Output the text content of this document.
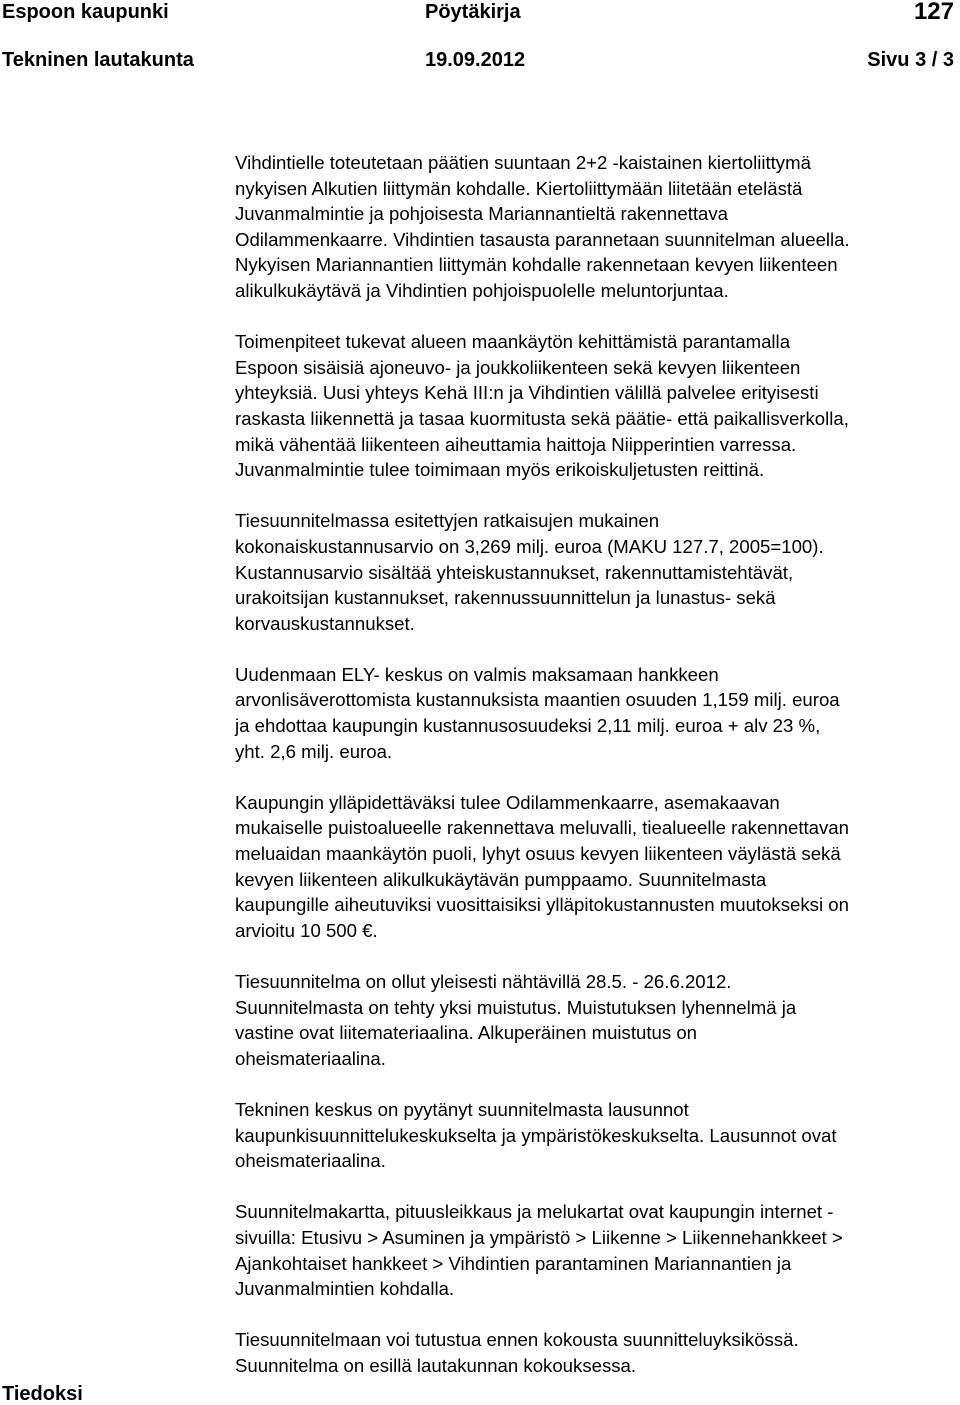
Espoon kaupunki	Pöytäkirja	127
Tekninen lautakunta	19.09.2012	Sivu 3 / 3

Vihdintielle toteutetaan päätien suuntaan 2+2 -kaistainen kiertoliittymä
nykyisen Alkutien liittymän kohdalle. Kiertoliittymään liitetään etelästä
Juvanmalmintie ja pohjoisesta Mariannantieltä rakennettava
Odilammenkaarre. Vihdintien tasausta parannetaan suunnitelman alueella.
Nykyisen Mariannantien liittymän kohdalle rakennetaan kevyen liikenteen
alikulkukäytävä ja Vihdintien pohjoispuolelle meluntorjuntaa.

Toimenpiteet tukevat alueen maankäytön kehittämistä parantamalla
Espoon sisäisiä ajoneuvo- ja joukkoliikenteen sekä kevyen liikenteen
yhteyksiä. Uusi yhteys Kehä III:n ja Vihdintien välillä palvelee erityisesti
raskasta liikennettä ja tasaa kuormitusta sekä päätie- että paikallisverkolla,
mikä vähentää liikenteen aiheuttamia haittoja Niipperintien varressa.
Juvanmalmintie tulee toimimaan myös erikoiskuljetusten reittinä.

Tiesuunnitelmassa esitettyjen ratkaisujen mukainen
kokonaiskustannusarvio on 3,269 milj. euroa (MAKU 127.7, 2005=100).
Kustannusarvio sisältää yhteiskustannukset, rakennuttamistehtävät,
urakoitsijan kustannukset, rakennussuunnittelun ja lunastus- sekä
korvauskustannukset.

Uudenmaan ELY- keskus on valmis maksamaan hankkeen
arvonlisäverottomista kustannuksista maantien osuuden 1,159 milj. euroa
ja ehdottaa kaupungin kustannusosuudeksi 2,11 milj. euroa + alv 23 %,
yht. 2,6 milj. euroa.

Kaupungin ylläpidettäväksi tulee Odilammenkaarre, asemakaavan
mukaiselle puistoalueelle rakennettava meluvalli, tiealueelle rakennettavan
meluaidan maankäytön puoli, lyhyt osuus kevyen liikenteen väylästä sekä
kevyen liikenteen alikulkukäytävän pumppaamo. Suunnitelmasta
kaupungille aiheutuviksi vuosittaisiksi ylläpitokustannusten muutokseksi on
arvioitu 10 500 €.

Tiesuunnitelma on ollut yleisesti nähtävillä 28.5. - 26.6.2012.
Suunnitelmasta on tehty yksi muistutus. Muistutuksen lyhennelmä ja
vastine ovat liitemateriaalina. Alkuperäinen muistutus on
oheismateriaalina.

Tekninen keskus on pyytänyt suunnitelmasta lausunnot
kaupunkisuunnittelukeskukselta ja ympäristökeskukselta. Lausunnot ovat
oheismateriaalina.

Suunnitelmakartta, pituusleikkaus ja melukartat ovat kaupungin internet -
sivuilla: Etusivu > Asuminen ja ympäristö > Liikenne > Liikennehankkeet >
Ajankohtaiset hankkeet > Vihdintien parantaminen Mariannantien ja
Juvanmalmintien kohdalla.

Tiesuunnitelmaan voi tutustua ennen kokousta suunnitteluyksikössä.
Suunnitelma on esillä lautakunnan kokouksessa.

Tiedoksi
